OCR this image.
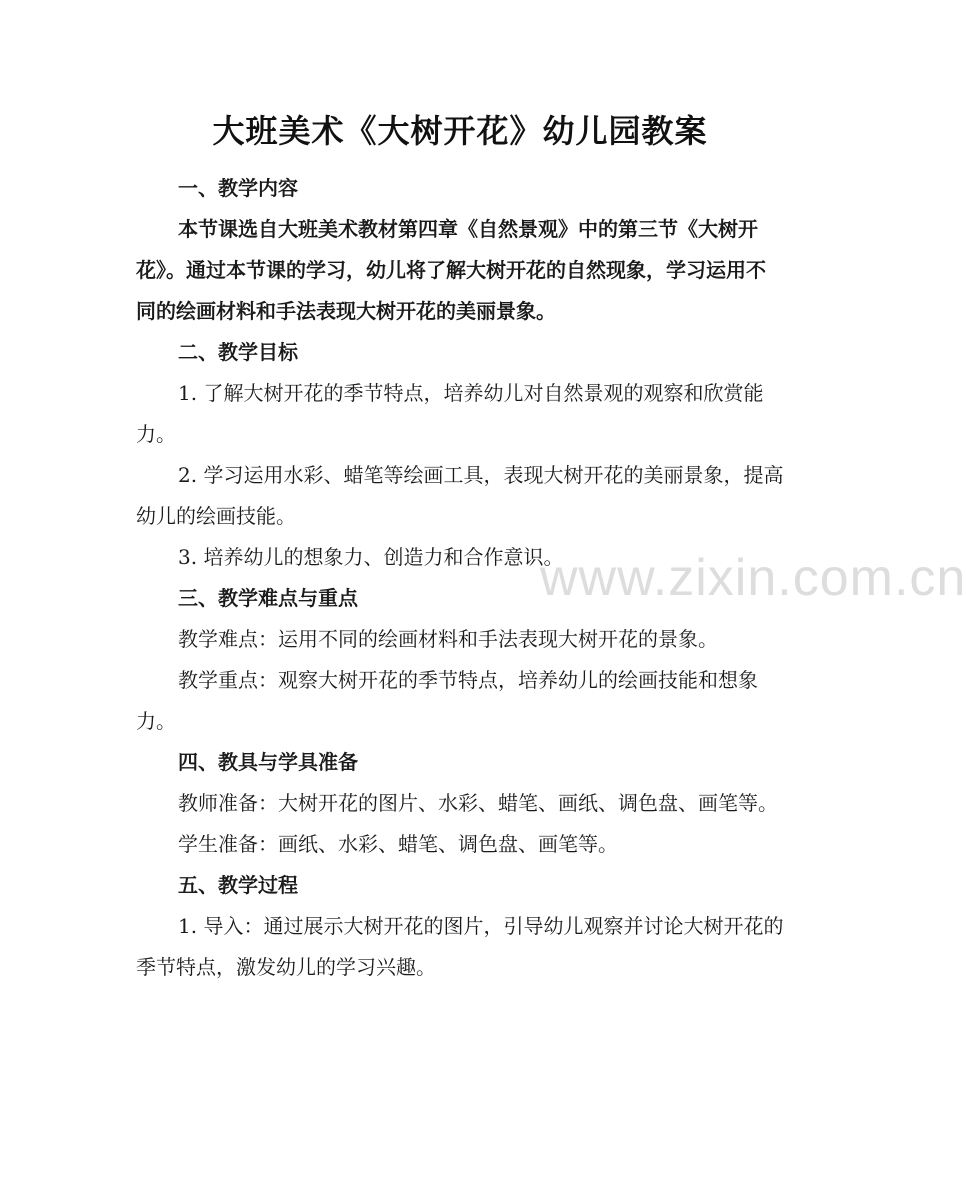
大班美术《大树开花》幼儿园教案

一、教学内容

本节课选自大班美术教材第四章《自然景观》中的第三节《大树开花》。通过本节课的学习，幼儿将了解大树开花的自然现象，学习运用不同的绘画材料和手法表现大树开花的美丽景象。

二、教学目标

1. 了解大树开花的季节特点，培养幼儿对自然景观的观察和欣赏能力。

2. 学习运用水彩、蜡笔等绘画工具，表现大树开花的美丽景象，提高幼儿的绘画技能。

3. 培养幼儿的想象力、创造力和合作意识。

三、教学难点与重点

教学难点：运用不同的绘画材料和手法表现大树开花的景象。

教学重点：观察大树开花的季节特点，培养幼儿的绘画技能和想象力。

四、教具与学具准备

教师准备：大树开花的图片、水彩、蜡笔、画纸、调色盘、画笔等。

学生准备：画纸、水彩、蜡笔、调色盘、画笔等。

五、教学过程

1. 导入：通过展示大树开花的图片，引导幼儿观察并讨论大树开花的季节特点，激发幼儿的学习兴趣。

www.zixin.com.cn
